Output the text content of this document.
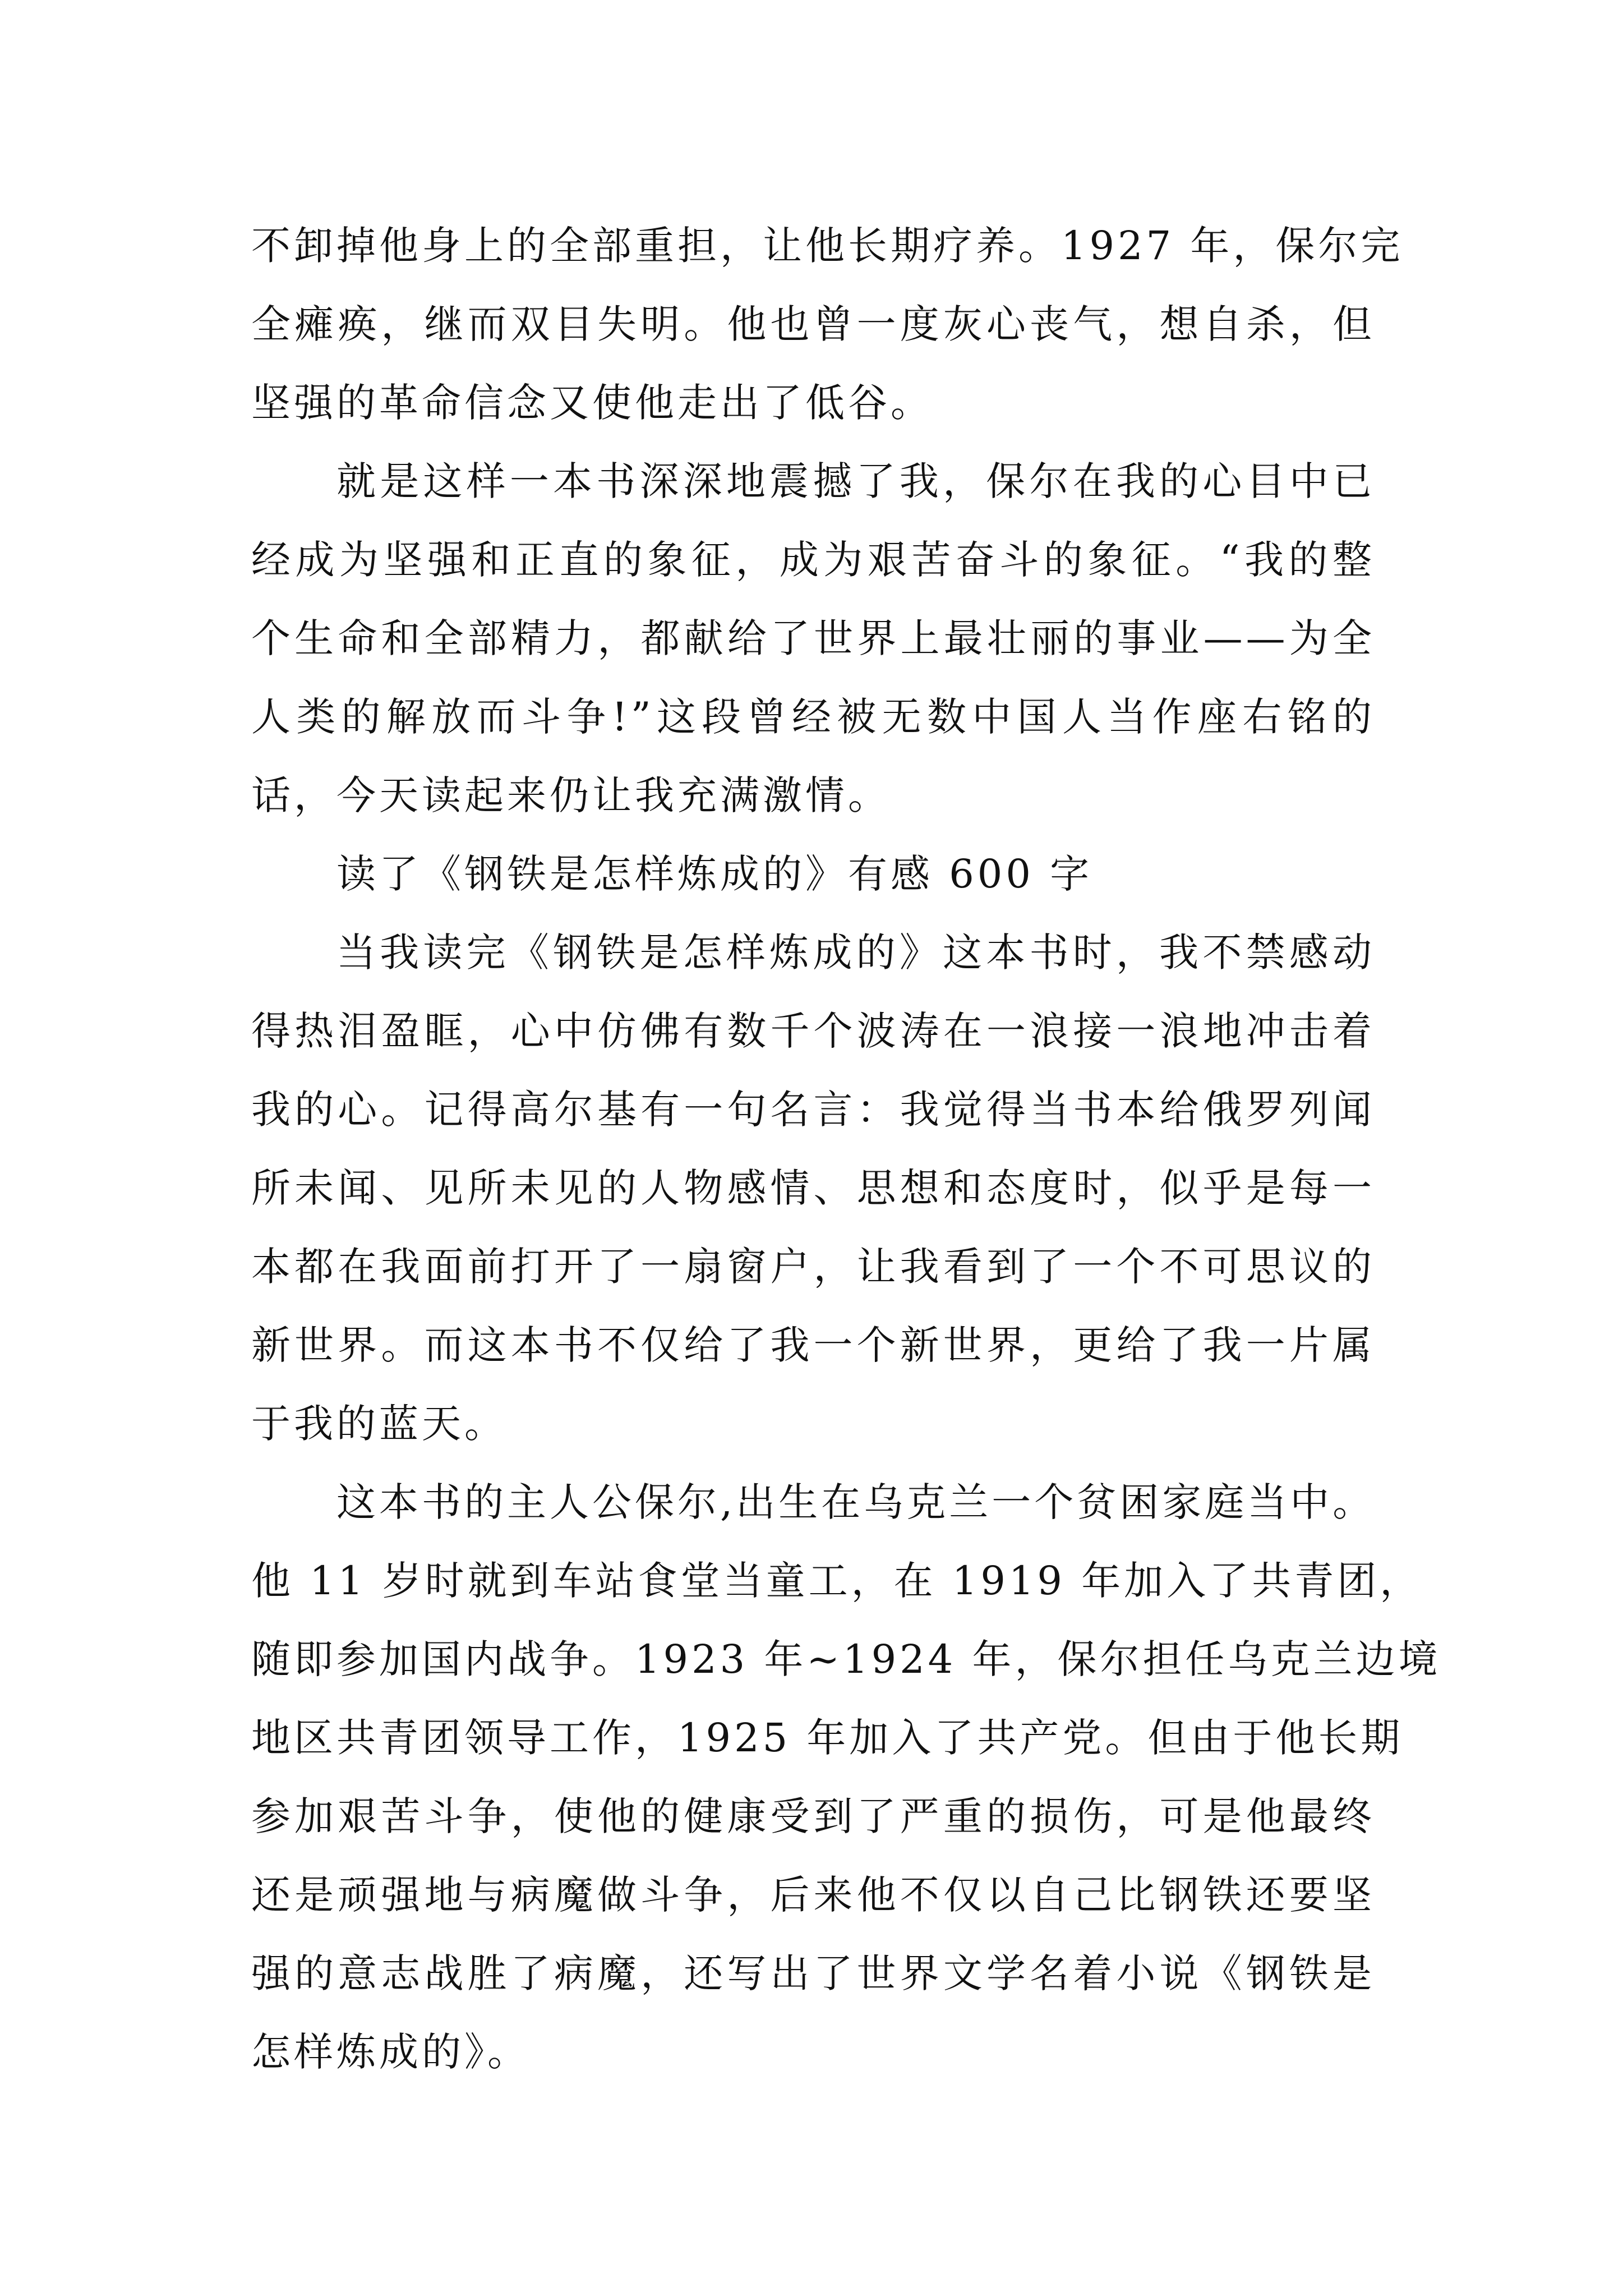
不卸掉他身上的全部重担，让他长期疗养。1927 年，保尔完
全瘫痪，继而双目失明。他也曾一度灰心丧气，想自杀，但
坚强的革命信念又使他走出了低谷。
就是这样一本书深深地震撼了我，保尔在我的心目中已
经成为坚强和正直的象征，成为艰苦奋斗的象征。“我的整
个生命和全部精力，都献给了世界上最壮丽的事业——为全
人类的解放而斗争!”这段曾经被无数中国人当作座右铭的
话，今天读起来仍让我充满激情。
读了《钢铁是怎样炼成的》有感 600 字
当我读完《钢铁是怎样炼成的》这本书时，我不禁感动
得热泪盈眶，心中仿佛有数千个波涛在一浪接一浪地冲击着
我的心。记得高尔基有一句名言：我觉得当书本给俄罗列闻
所未闻、见所未见的人物感情、思想和态度时，似乎是每一
本都在我面前打开了一扇窗户，让我看到了一个不可思议的
新世界。而这本书不仅给了我一个新世界，更给了我一片属
于我的蓝天。
这本书的主人公保尔,出生在乌克兰一个贫困家庭当中。
他 11 岁时就到车站食堂当童工，在 1919 年加入了共青团，
随即参加国内战争。1923 年~1924 年，保尔担任乌克兰边境
地区共青团领导工作，1925 年加入了共产党。但由于他长期
参加艰苦斗争，使他的健康受到了严重的损伤，可是他最终
还是顽强地与病魔做斗争，后来他不仅以自己比钢铁还要坚
强的意志战胜了病魔，还写出了世界文学名着小说《钢铁是
怎样炼成的》。
